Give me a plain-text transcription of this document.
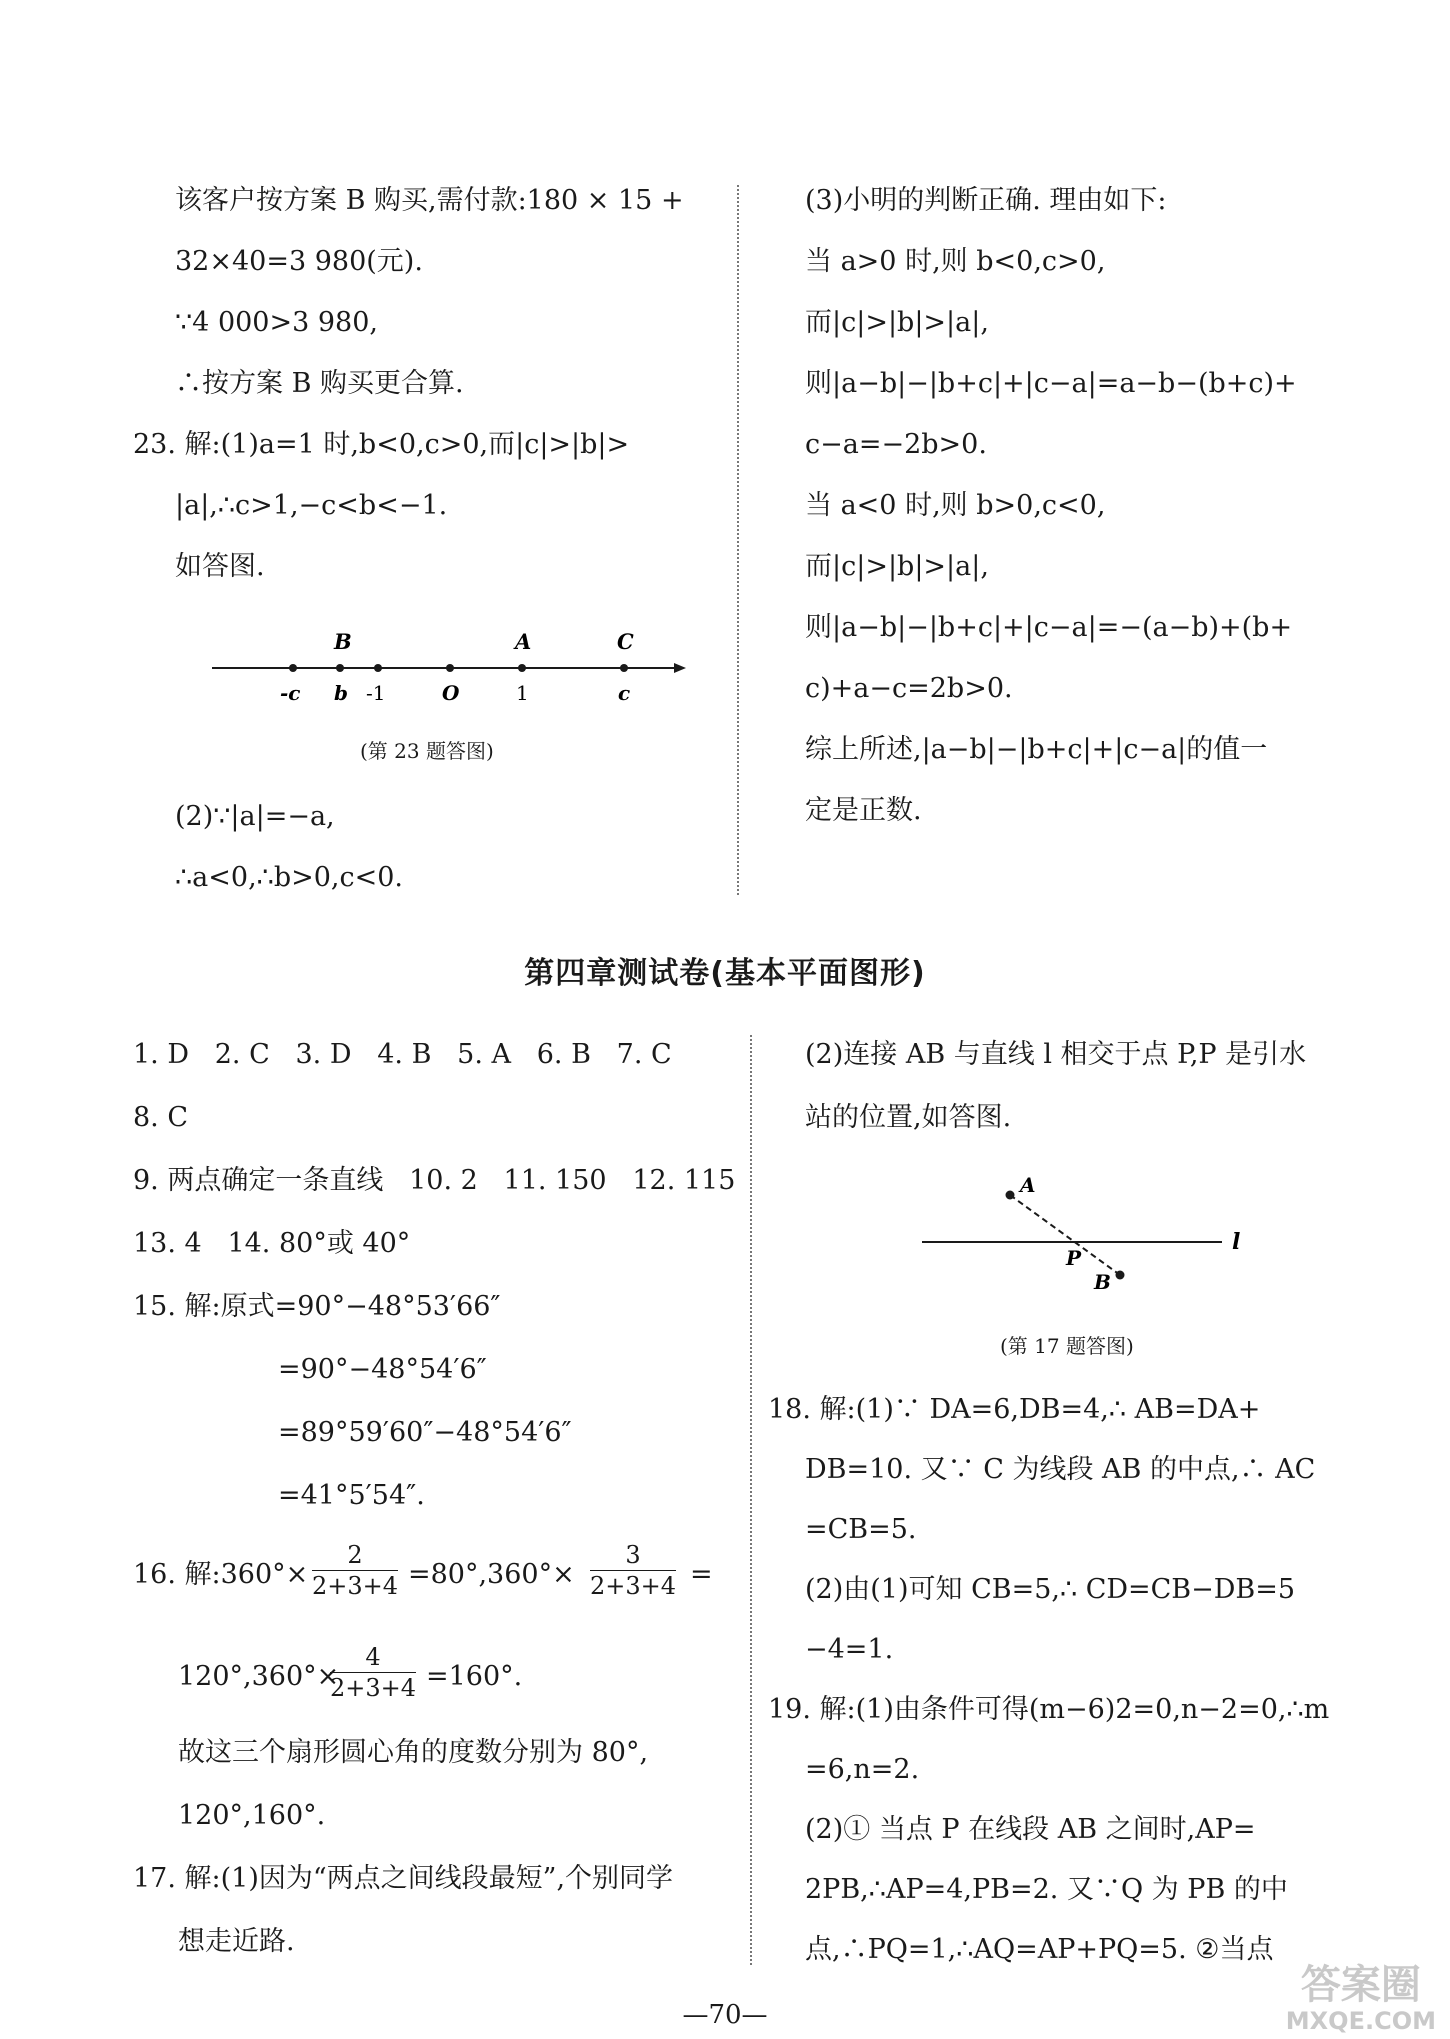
该客户按方案 B 购买,需付款:180 × 15 +

32×40=3 980(元).

∵4 000>3 980,

∴按方案 B 购买更合算.

23. 解:(1)a=1 时,b<0,c>0,而|c|>|b|>

|a|,∴c>1,−c<b<−1.

如答图.

B	A	C
-c b -1	O	1	c
(第 23 题答图)

(2)∵|a|=−a,

∴a<0,∴b>0,c<0.

(3)小明的判断正确. 理由如下:

当 a>0 时,则 b<0,c>0,

而|c|>|b|>|a|,

则|a−b|−|b+c|+|c−a|=a−b−(b+c)+

c−a=−2b>0.

当 a<0 时,则 b>0,c<0,

而|c|>|b|>|a|,

则|a−b|−|b+c|+|c−a|=−(a−b)+(b+

c)+a−c=2b>0.

综上所述,|a−b|−|b+c|+|c−a|的值一

定是正数.

第四章测试卷(基本平面图形)

1. D   2. C   3. D   4. B   5. A   6. B   7. C

8. C

9. 两点确定一条直线   10. 2   11. 150   12. 115

13. 4   14. 80°或 40°

15. 解:原式=90°−48°53′66″

=90°−48°54′6″

=89°59′60″−48°54′6″

=41°5′54″.

16. 解:360°×

2
2+3+4 =80°,360°×

3
2+3+4 =

120°,360°×

4
2+3+4 =160°.

故这三个扇形圆心角的度数分别为 80°,

120°,160°.

17. 解:(1)因为“两点之间线段最短”,个别同学

想走近路.

(2)连接 AB 与直线 l 相交于点 P,P 是引水

站的位置,如答图.

A
P
B
l
(第 17 题答图)

18. 解:(1)∵ DA=6,DB=4,∴ AB=DA+

DB=10. 又∵ C 为线段 AB 的中点,∴ AC

=CB=5.

(2)由(1)可知 CB=5,∴ CD=CB−DB=5

−4=1.

19. 解:(1)由条件可得(m−6)2=0,n−2=0,∴m

=6,n=2.

(2)① 当点 P 在线段 AB 之间时,AP=

2PB,∴AP=4,PB=2. 又∵Q 为 PB 的中

点,∴PQ=1,∴AQ=AP+PQ=5. ②当点

—70—
答案圈
MXQE.COM
